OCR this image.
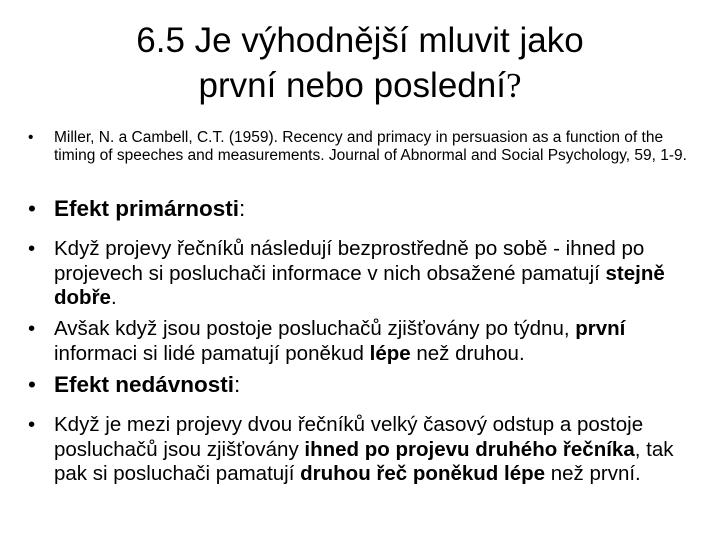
6.5 Je výhodnější mluvit jako
první nebo poslední?
•	Miller, N. a Cambell, C.T. (1959). Recency and primacy in persuasion as a function of the timing of speeches and measurements. Journal of Abnormal and Social Psychology, 59, 1-9.
• Efekt primárnosti:
• Když projevy řečníků následují bezprostředně po sobě - ihned po projevech si posluchači informace v nich obsažené pamatují stejně dobře.
• Avšak když jsou postoje posluchačů zjišťovány po týdnu, první informaci si lidé pamatují poněkud lépe než druhou.
• Efekt nedávnosti:
• Když je mezi projevy dvou řečníků velký časový odstup a postoje posluchačů jsou zjišťovány ihned po projevu druhého řečníka, tak pak si posluchači pamatují druhou řeč poněkud lépe než první.
